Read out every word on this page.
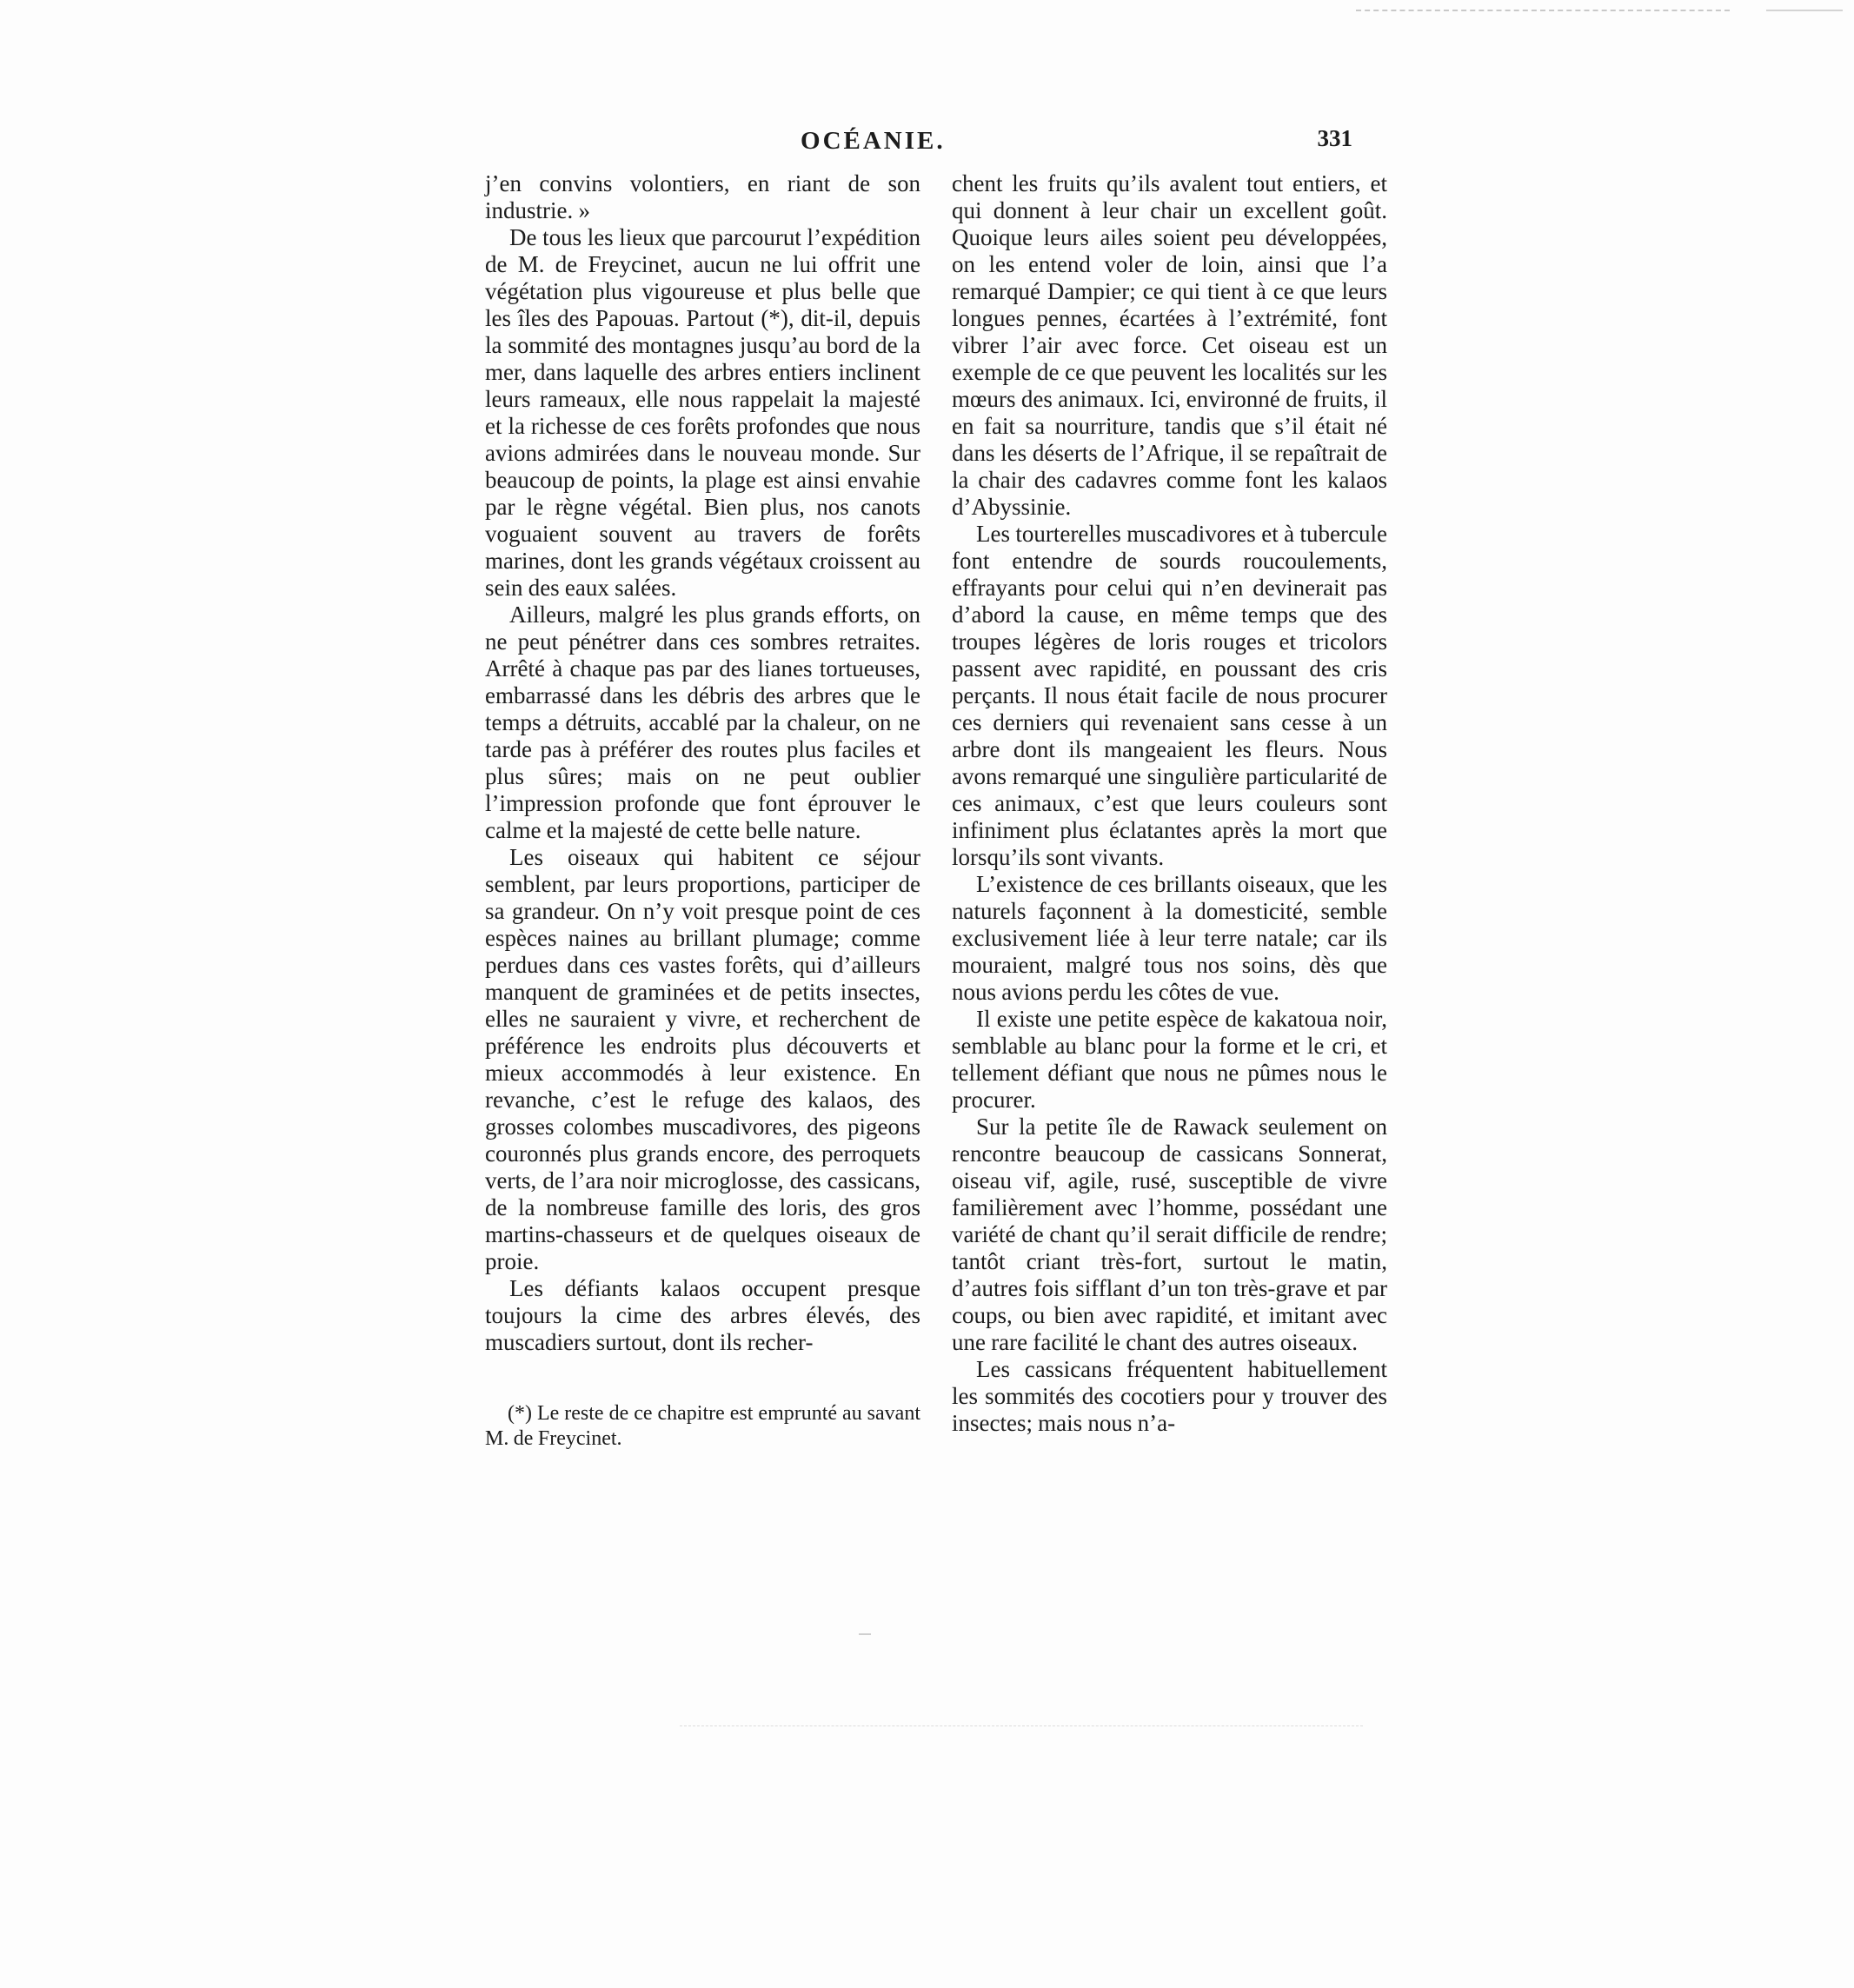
OCÉANIE.	331

j’en convins volontiers, en riant de son industrie. »

De tous les lieux que parcourut l’expédition de M. de Freycinet, aucun ne lui offrit une végétation plus vigoureuse et plus belle que les îles des Papouas. Partout (*), dit-il, depuis la sommité des montagnes jusqu’au bord de la mer, dans laquelle des arbres entiers inclinent leurs rameaux, elle nous rappelait la majesté et la richesse de ces forêts profondes que nous avions admirées dans le nouveau monde. Sur beaucoup de points, la plage est ainsi envahie par le règne végétal. Bien plus, nos canots voguaient souvent au travers de forêts marines, dont les grands végétaux croissent au sein des eaux salées.

Ailleurs, malgré les plus grands efforts, on ne peut pénétrer dans ces sombres retraites. Arrêté à chaque pas par des lianes tortueuses, embarrassé dans les débris des arbres que le temps a détruits, accablé par la chaleur, on ne tarde pas à préférer des routes plus faciles et plus sûres; mais on ne peut oublier l’impression profonde que font éprouver le calme et la majesté de cette belle nature.

Les oiseaux qui habitent ce séjour semblent, par leurs proportions, participer de sa grandeur. On n’y voit presque point de ces espèces naines au brillant plumage; comme perdues dans ces vastes forêts, qui d’ailleurs manquent de graminées et de petits insectes, elles ne sauraient y vivre, et recherchent de préférence les endroits plus découverts et mieux accommodés à leur existence. En revanche, c’est le refuge des kalaos, des grosses colombes muscadivores, des pigeons couronnés plus grands encore, des perroquets verts, de l’ara noir microglosse, des cassicans, de la nombreuse famille des loris, des gros martins-chasseurs et de quelques oiseaux de proie.

Les défiants kalaos occupent presque toujours la cime des arbres élevés, des muscadiers surtout, dont ils recher-

(*) Le reste de ce chapitre est emprunté au savant M. de Freycinet.

chent les fruits qu’ils avalent tout entiers, et qui donnent à leur chair un excellent goût. Quoique leurs ailes soient peu développées, on les entend voler de loin, ainsi que l’a remarqué Dampier; ce qui tient à ce que leurs longues pennes, écartées à l’extrémité, font vibrer l’air avec force. Cet oiseau est un exemple de ce que peuvent les localités sur les mœurs des animaux. Ici, environné de fruits, il en fait sa nourriture, tandis que s’il était né dans les déserts de l’Afrique, il se repaîtrait de la chair des cadavres comme font les kalaos d’Abyssinie.

Les tourterelles muscadivores et à tubercule font entendre de sourds roucoulements, effrayants pour celui qui n’en devinerait pas d’abord la cause, en même temps que des troupes légères de loris rouges et tricolors passent avec rapidité, en poussant des cris perçants. Il nous était facile de nous procurer ces derniers qui revenaient sans cesse à un arbre dont ils mangeaient les fleurs. Nous avons remarqué une singulière particularité de ces animaux, c’est que leurs couleurs sont infiniment plus éclatantes après la mort que lorsqu’ils sont vivants.

L’existence de ces brillants oiseaux, que les naturels façonnent à la domesticité, semble exclusivement liée à leur terre natale; car ils mouraient, malgré tous nos soins, dès que nous avions perdu les côtes de vue.

Il existe une petite espèce de kakatoua noir, semblable au blanc pour la forme et le cri, et tellement défiant que nous ne pûmes nous le procurer.

Sur la petite île de Rawack seulement on rencontre beaucoup de cassicans Sonnerat, oiseau vif, agile, rusé, susceptible de vivre familièrement avec l’homme, possédant une variété de chant qu’il serait difficile de rendre; tantôt criant très-fort, surtout le matin, d’autres fois sifflant d’un ton très-grave et par coups, ou bien avec rapidité, et imitant avec une rare facilité le chant des autres oiseaux.

Les cassicans fréquentent habituellement les sommités des cocotiers pour y trouver des insectes; mais nous n’a-
